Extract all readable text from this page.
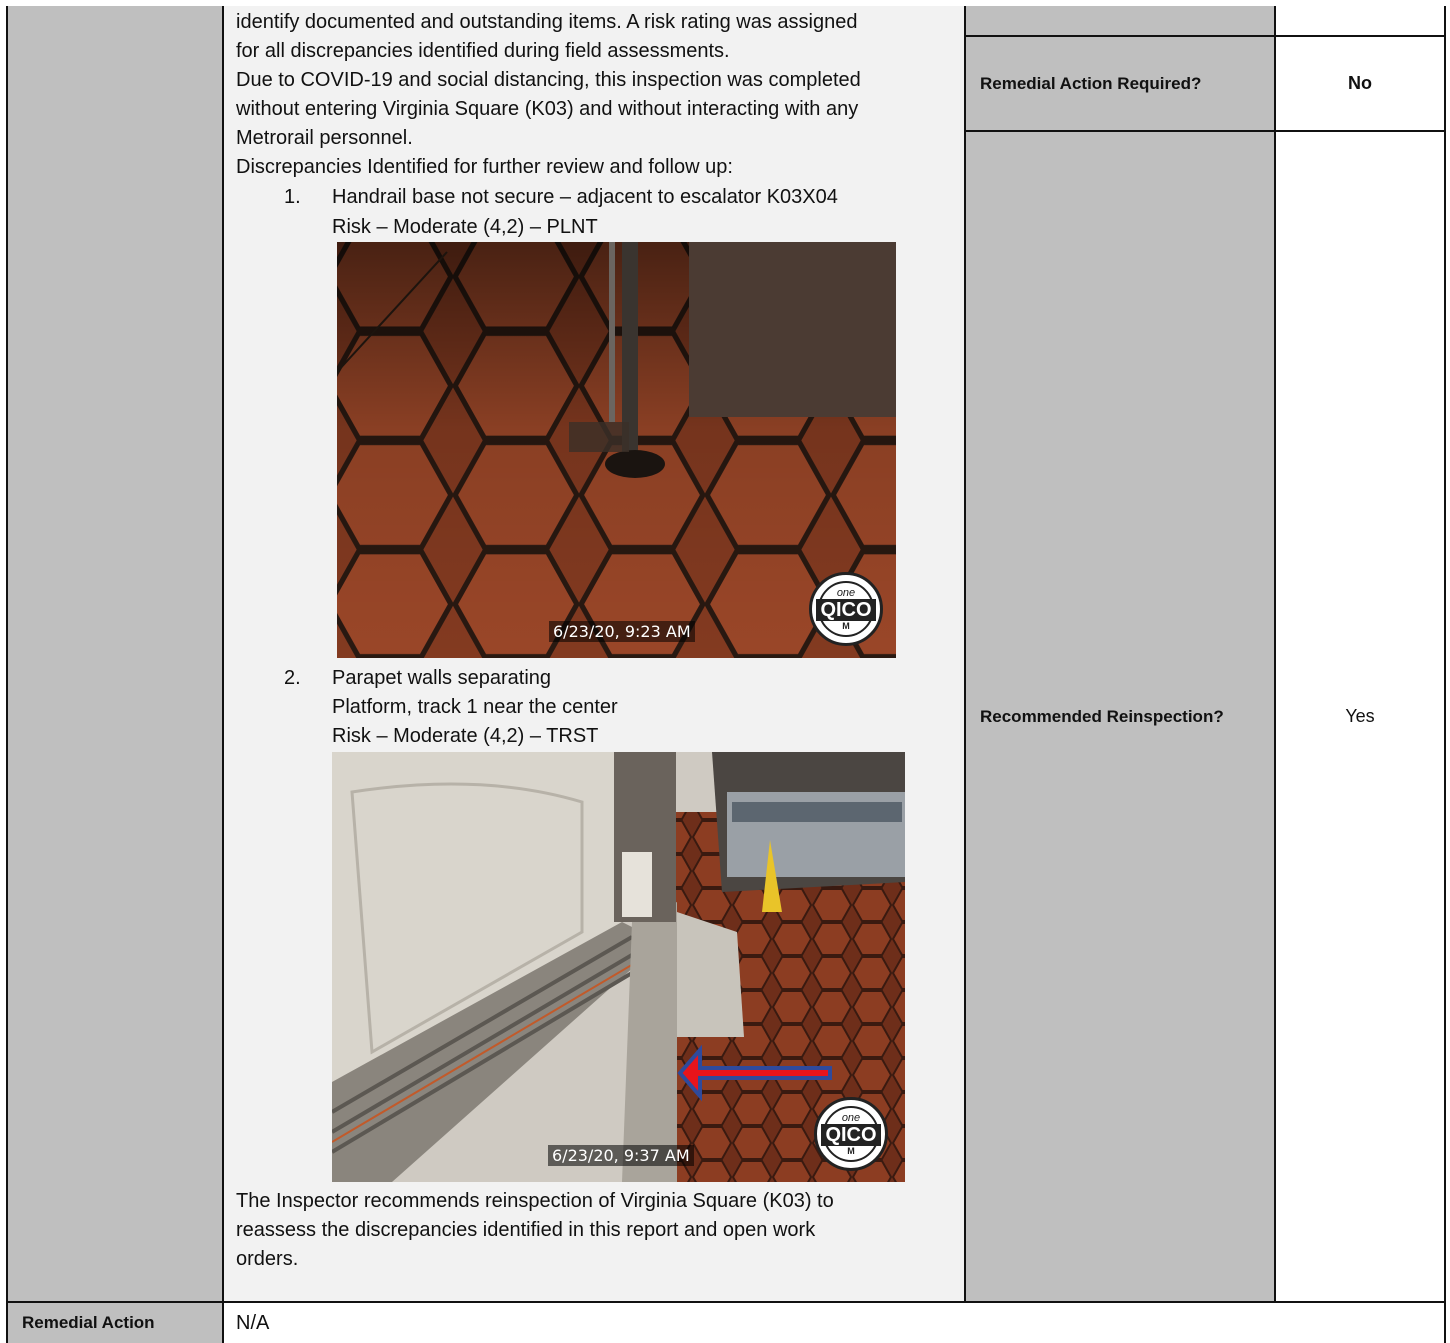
identify documented and outstanding items. A risk rating was assigned
for all discrepancies identified during field assessments.
Due to COVID-19 and social distancing, this inspection was completed
without entering Virginia Square (K03) and without interacting with any
Metrorail personnel.
Discrepancies Identified for further review and follow up:
1. Handrail base not secure – adjacent to escalator K03X04
Risk – Moderate (4,2) – PLNT
6/23/20, 9:23 AM
one
QICO
M
2. Parapet walls separating
Platform, track 1 near the center
Risk – Moderate (4,2) – TRST
6/23/20, 9:37 AM
one
QICO
M
The Inspector recommends reinspection of Virginia Square (K03) to
reassess the discrepancies identified in this report and open work
orders.
Remedial Action Required?	No
Recommended Reinspection?	Yes
Remedial Action	N/A
